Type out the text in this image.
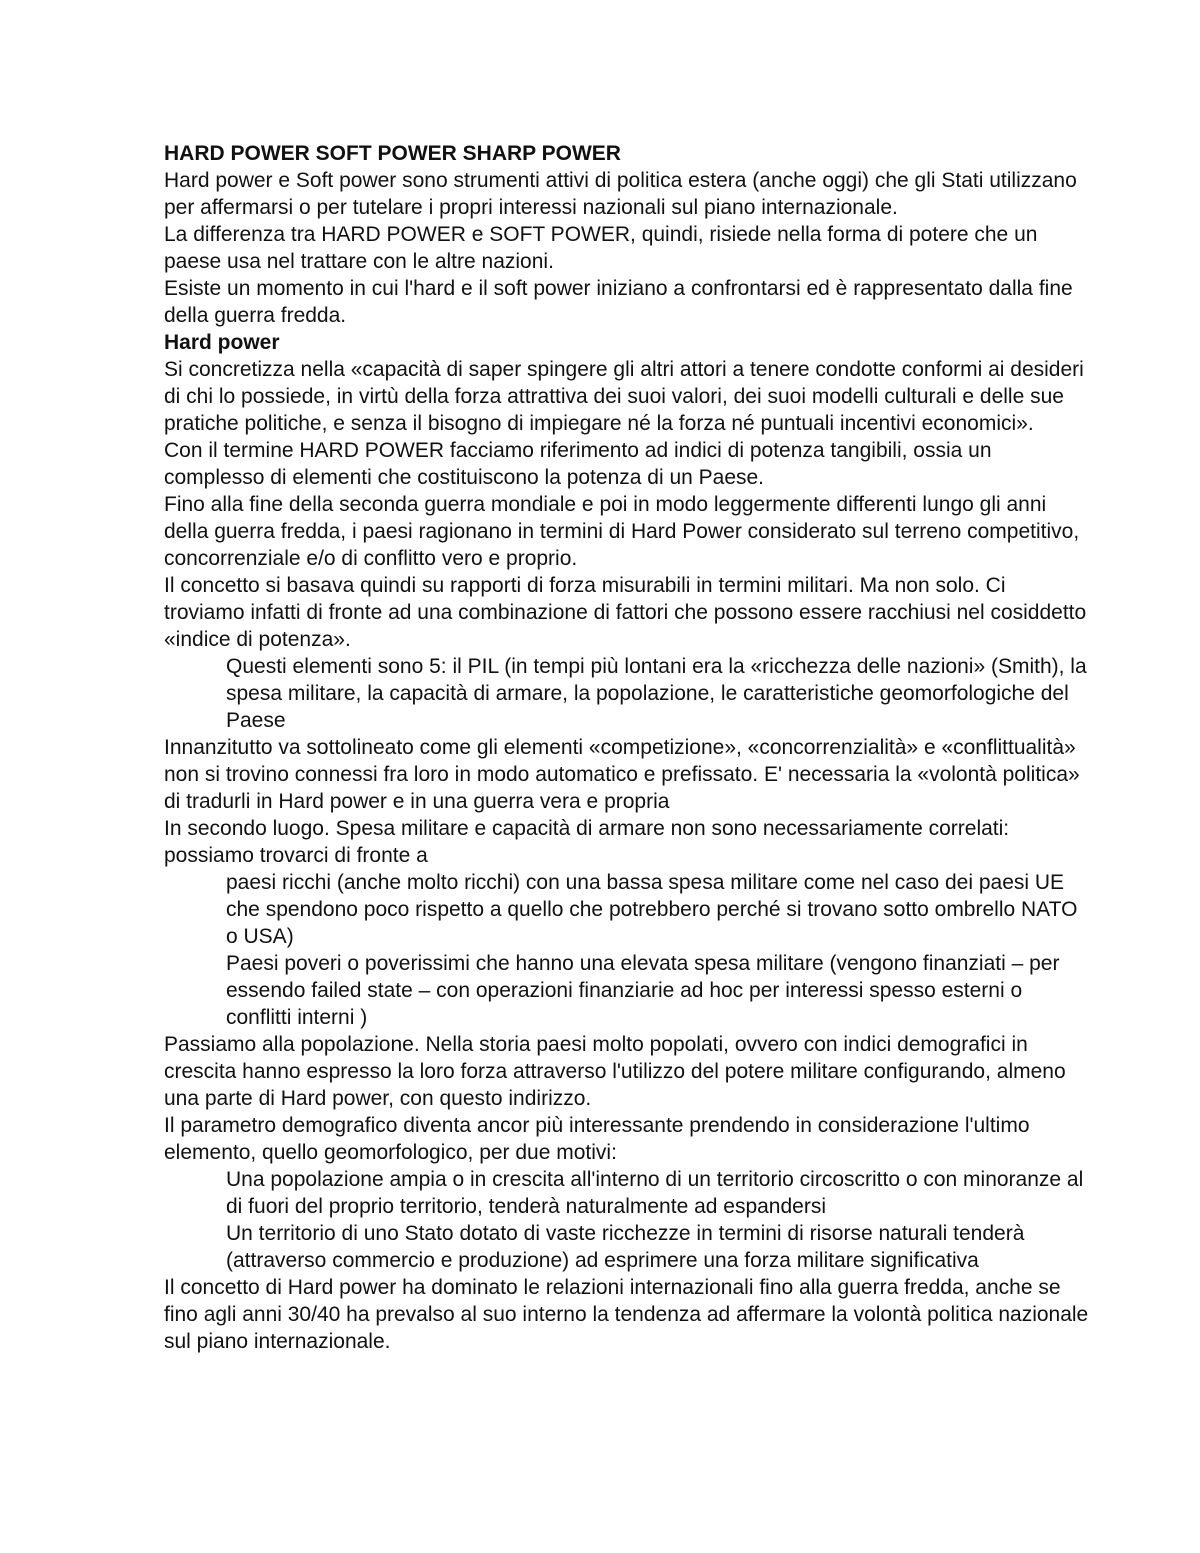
HARD POWER SOFT POWER SHARP POWER
Hard power e Soft power sono strumenti attivi di politica estera (anche oggi) che gli Stati utilizzano per affermarsi o per tutelare i propri interessi nazionali sul piano internazionale.
La differenza tra HARD POWER e SOFT POWER, quindi, risiede nella forma di potere che un paese usa nel trattare con le altre nazioni.
Esiste un momento in cui l'hard e il soft power iniziano a confrontarsi ed è rappresentato dalla fine della guerra fredda.
Hard power
Si concretizza nella «capacità di saper spingere gli altri attori a tenere condotte conformi ai desideri di chi lo possiede, in virtù della forza attrattiva dei suoi valori, dei suoi modelli culturali e delle sue pratiche politiche, e senza il bisogno di impiegare né la forza né puntuali incentivi economici».
Con il termine HARD POWER facciamo riferimento ad indici di potenza tangibili, ossia un complesso di elementi che costituiscono la potenza di un Paese.
Fino alla fine della seconda guerra mondiale e poi in modo leggermente differenti lungo gli anni della guerra fredda, i paesi ragionano in termini di Hard Power considerato sul terreno competitivo, concorrenziale e/o di conflitto vero e proprio.
Il concetto si basava quindi su rapporti di forza misurabili in termini militari. Ma non solo. Ci troviamo infatti di fronte ad una combinazione di fattori che possono essere racchiusi nel cosiddetto «indice di potenza».
Questi elementi sono 5: il PIL (in tempi più lontani era la «ricchezza delle nazioni» (Smith), la spesa militare, la capacità di armare, la popolazione, le caratteristiche geomorfologiche del Paese
Innanzitutto va sottolineato come gli elementi «competizione», «concorrenzialità» e «conflittualità» non si trovino connessi fra loro in modo automatico e prefissato. E' necessaria la «volontà politica» di tradurli in Hard power e in una guerra vera e propria
In secondo luogo. Spesa militare e capacità di armare non sono necessariamente correlati: possiamo trovarci di fronte a
paesi ricchi (anche molto ricchi) con una bassa spesa militare come nel caso dei paesi UE che spendono poco rispetto a quello che potrebbero perché si trovano sotto ombrello NATO o USA)
Paesi poveri o poverissimi che hanno una elevata spesa militare (vengono finanziati – per essendo failed state – con operazioni finanziarie ad hoc per interessi spesso esterni o conflitti interni )
Passiamo alla popolazione. Nella storia paesi molto popolati, ovvero con indici demografici in crescita hanno espresso la loro forza attraverso l'utilizzo del potere militare configurando, almeno una parte di Hard power, con questo indirizzo.
Il parametro demografico diventa ancor più interessante prendendo in considerazione l'ultimo elemento, quello geomorfologico, per due motivi:
Una popolazione ampia o in crescita all'interno di un territorio circoscritto o con minoranze al di fuori del proprio territorio, tenderà naturalmente ad espandersi
Un territorio di uno Stato dotato di vaste ricchezze in termini di risorse naturali tenderà (attraverso commercio e produzione) ad esprimere una forza militare significativa
Il concetto di Hard power ha dominato le relazioni internazionali fino alla guerra fredda, anche se fino agli anni 30/40 ha prevalso al suo interno la tendenza ad affermare la volontà politica nazionale sul piano internazionale.
